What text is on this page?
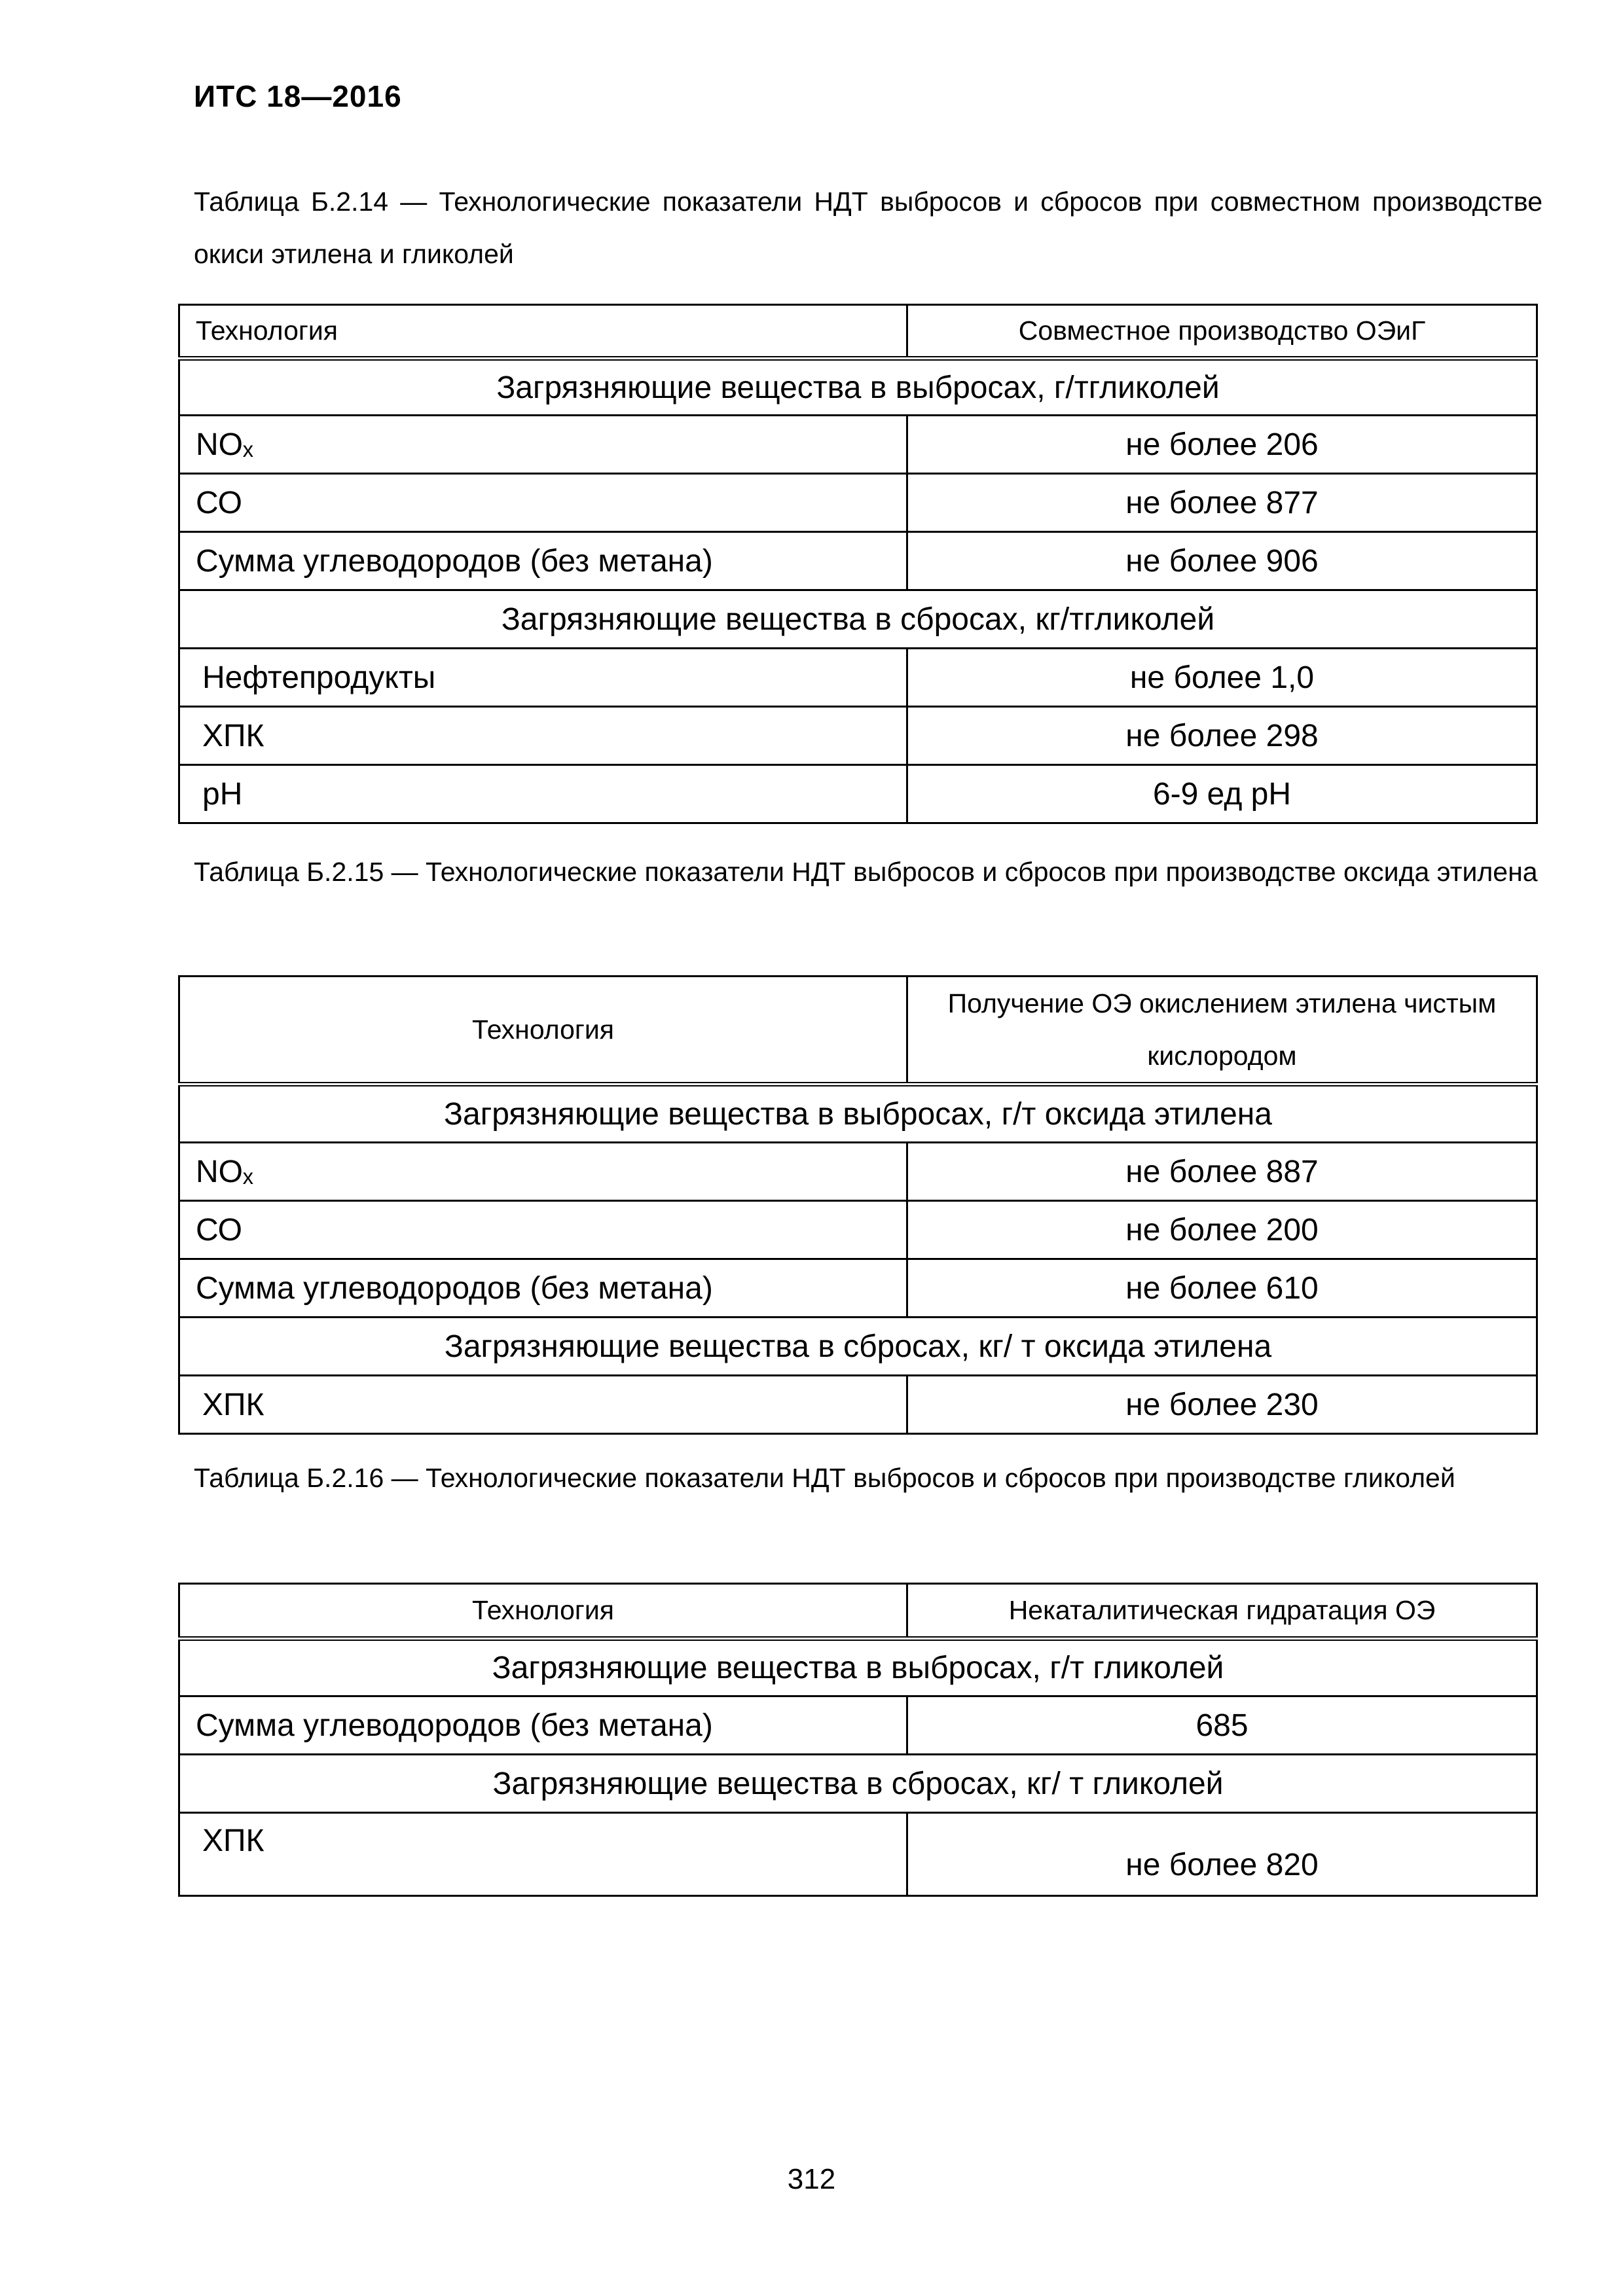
ИТС 18—2016

Таблица Б.2.14 — Технологические показатели НДТ выбросов и сбросов при совместном производстве окиси этилена и гликолей

Технология	Совместное производство ОЭиГ
Загрязняющие вещества в выбросах, г/тгликолей	
NOₓ	не более 206
СО	не более 877
Сумма углеводородов (без метана)	не более 906
Загрязняющие вещества в сбросах, кг/тгликолей	
Нефтепродукты	не более 1,0
ХПК	не более 298
pH	6-9 ед pH

Таблица Б.2.15 — Технологические показатели НДТ выбросов и сбросов при производстве оксида этилена

Технология	Получение ОЭ окислением этилена чистым кислородом
Загрязняющие вещества в выбросах, г/т оксида этилена	
NOₓ	не более 887
СО	не более 200
Сумма углеводородов (без метана)	не более 610
Загрязняющие вещества в сбросах, кг/ т оксида этилена	
ХПК	не более 230

Таблица Б.2.16 — Технологические показатели НДТ выбросов и сбросов при производстве гликолей

Технология	Некаталитическая гидратация ОЭ
Загрязняющие вещества в выбросах, г/т гликолей	
Сумма углеводородов (без метана)	685
Загрязняющие вещества в сбросах, кг/ т гликолей	
ХПК	не более 820
312
